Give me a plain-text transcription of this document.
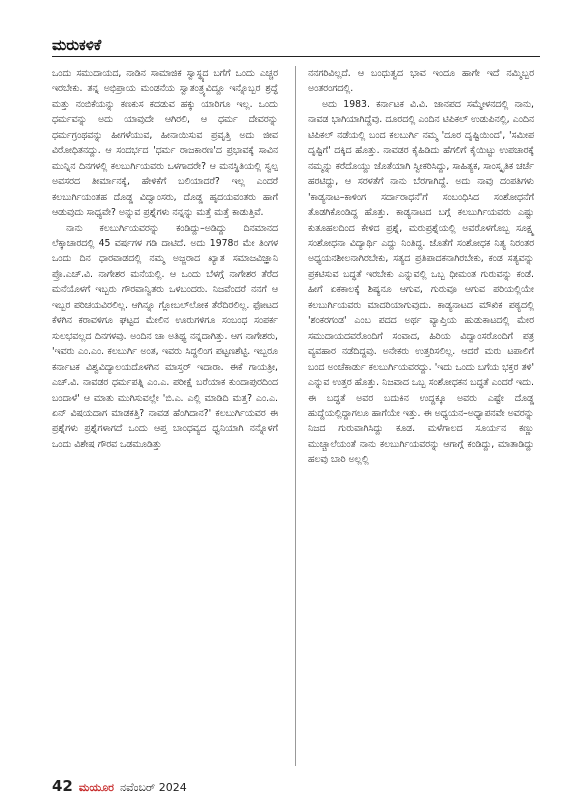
ಮರುಕಳಿಕೆ

ಒಂದು ಸಮುದಾಯದ, ನಾಡಿನ ಸಾಮಾಜಿಕ ಸ್ವಾಸ್ಥ್ಯದ ಬಗೆಗೆ ಒಂದು ಎಚ್ಚರ ಇರಬೇಕು. ತನ್ನ ಅಭಿಪ್ರಾಯ ಮಂಡನೆಯ ಸ್ವಾತಂತ್ರ್ಯವಿದ್ದೂ ಇನ್ನೊಬ್ಬರ ಶ್ರದ್ಧೆ ಮತ್ತು ನಂಬಿಕೆಯನ್ನು ಕಣಕುಸ ಕದಡುವ ಹಕ್ಕು ಯಾರಿಗೂ ಇಲ್ಲ. ಒಂದು ಧರ್ಮವನ್ನು ಅದು ಯಾವುದೇ ಆಗಿರಲಿ, ಆ ಧರ್ಮ ದೇವರನ್ನು ಧರ್ಮಗ್ರಂಥವನ್ನು ಹೀಗಳೆಯುವ, ಹೀನಾಯಿಸುವ ಪ್ರವೃತ್ತಿ ಅದು ಜೀವ ವಿರೋಧಿತನದ್ದು. ಆ ಸಂದರ್ಭದ 'ಧರ್ಮ ರಾಜಕಾರಣ'ದ ಪ್ರಭಾವಕ್ಕೆ ಸಾವಿನ ಮುನ್ನಿನ ದಿನಗಳಲ್ಲಿ ಕಲಬುರ್ಗಿಯವರು ಒಳಗಾದರೇ? ಆ ಮನಸ್ಥಿತಿಯಲ್ಲಿ ಸ್ವಲ್ಪ ಅವಸರದ ತೀರ್ಮಾನಕ್ಕೆ, ಹೇಳಿಕೆಗೆ ಬಲಿಯಾದರೆ? ಇಲ್ಲ ಎಂದರೆ ಕಲಬುರ್ಗಿಯಂತಹ ದೊಡ್ಡ ವಿದ್ವಾಂಸರು, ದೊಡ್ಡ ಹೃದಯವಂತರು ಹಾಗೆ ಆಡುವುದು ಸಾಧ್ಯವೇ? ಅನ್ನುವ ಪ್ರಶ್ನೆಗಳು ನನ್ನನ್ನು ಮತ್ತೆ ಮತ್ತೆ ಕಾಡುತ್ತಿವೆ.

ನಾನು ಕಲಬುರ್ಗಿಯವರನ್ನು ಕಂಡಿದ್ದು–ಅಡಿದ್ದು ದಿನಮಾನದ ಲೆಕ್ಕಾಚಾರದಲ್ಲಿ 45 ವರ್ಷಗಳ ಗಡಿ ದಾಟಿದೆ. ಅದು 1978ರ ಮೇ ತಿಂಗಳ ಒಂದು ದಿನ ಧಾರವಾಡದಲ್ಲಿ ನಮ್ಮ ಅಜ್ಜರಾದ ಖ್ಯಾತ ಸಮಾಜವಿಜ್ಞಾನಿ ಪ್ರೊ.ಎಚ್.ವಿ. ನಾಗೇಶರ ಮನೆಯಲ್ಲಿ. ಆ ಒಂದು ಬೆಳಗ್ಗೆ ನಾಗೇಶರ ತೆರೆದ ಮನೆಯೊಳಗೆ ಇಬ್ಬರು ಗೌರವಾನ್ವಿತರು ಒಳಬಂದರು. ನಿಜವೆಂದರೆ ನನಗೆ ಆ ಇಬ್ಬರ ಪರಿಚಯವಿರಲಿಲ್ಲ. ಆಗಿನ್ನೂ ಗ್ಲೋಬಲ್‌ಲೋಕ ತೆರೆದಿರಲಿಲ್ಲ. ಫೋಟದ ಕೆಳಗಿನ ಕರಾವಳಿಗೂ ಘಟ್ಟದ ಮೇಲಿನ ಊರುಗಳಿಗೂ ಸಂಬಂಧ ಸಂಪರ್ಕ ಸುಲಭವಲ್ಲದ ದಿನಗಳವು. ಅಂದಿನ ಚಾ ಅತಿಥ್ಯ ನನ್ನದಾಗಿತ್ತು. ಆಗ ನಾಗೇಶರು, 'ಇವರು ಎಂ.ಎಂ. ಕಲಬುರ್ಗಿ ಅಂತ, ಇವರು ಸಿದ್ದಲಿಂಗ ಪಟ್ಟಣಶೆಟ್ಟಿ. ಇಬ್ಬರೂ ಕರ್ನಾಟಕ ವಿಶ್ವವಿದ್ಯಾಲಯದೊಳಗಿನ ಮಾಸ್ತರ್ ಇದಾರಾ. ಈಕೆ ಗಾಯತ್ರೀ, ಎಚ್.ವಿ. ನಾವಡರ ಧರ್ಮಪತ್ನಿ ಎಂ.ಎ. ಪರೀಕ್ಷೆ ಬರೆಯಾಕ ಕುಂದಾಪುರದಿಂದ ಬಂದಾಳೆ' ಆ ಮಾತು ಮುಗಿಸುವಲ್ಲೇ 'ಬಿ.ಎ. ಎಲ್ಲಿ ಮಾಡಿದಿ ಮತ್ತ? ಎಂ.ಎ. ಏನ್ ವಿಷಯದಾಗ ಮಾಡಕತ್ತಿ? ನಾವಡ ಹೆಂಗಿದಾನ?' ಕಲಬುರ್ಗಿಯವರ ಈ ಪ್ರಶ್ನೆಗಳು ಪ್ರಶ್ನೆಗಳಾಗದೆ ಒಂದು ಆಪ್ತ ಬಾಂಧವ್ಯದ ಧ್ವನಿಯಾಗಿ ನನ್ನೊಳಗೆ ಒಂದು ವಿಶೇಷ ಗೌರವ ಒಡಮೂಡಿತ್ತು

ನನಗರಿವಿಲ್ಲದೆ. ಆ ಬಂಧುತ್ವದ ಭಾವ ಇಂದೂ ಹಾಗೇ ಇದೆ ನಮ್ಮಿಬ್ಬರ ಅಂತರಂಗದಲ್ಲಿ.

ಅದು 1983. ಕರ್ನಾಟಕ ವಿ.ವಿ. ಜಾನಪದ ಸಮ್ಮೇಳನದಲ್ಲಿ ನಾನು, ನಾವಡ ಭಾಗಿಯಾಗಿದ್ದೆವು. ದೂರದಲ್ಲಿ ಎಂದಿನ ಟಿಪಿಕಲ್ ಉಡುಪಿನಲ್ಲಿ, ಎಂದಿನ ಟಿಪಿಕಲ್ ನಡೆಯಲ್ಲಿ ಬಂದ ಕಲಬುರ್ಗಿ ನಮ್ಮ 'ದೂರ ದೃಷ್ಟಿಯಿಂದ', 'ಸಮೀಪ ದೃಷ್ಟಿಗೆ' ದಕ್ಕಿದ ಹೊತ್ತು. ನಾವಡರ ಕೈಹಿಡಿದು ಹೆಗಲಿಗೆ ಕೈಯಿಟ್ಟು ಉಪಚಾರಕ್ಕೆ ನಮ್ಮನ್ನು ಕರೆದೊಯ್ದು ಜೊತೆಯಾಗಿ ಸ್ವೀಕರಿಸಿದ್ದು, ಸಾಹಿತ್ಯಕ, ಸಾಂಸ್ಕೃತಿಕ ಚರ್ಚೆ ಹರಟಿದ್ದು, ಆ ಸರಳತೆಗೆ ನಾನು ಬೆರಗಾಗಿದ್ದೆ. ಅದು ನಾವು ದಂಪತಿಗಳು 'ಕಾಡ್ಯನಾಟ–ಕಾಳಿಂಗ ಸರ್ದಾರಾಧನೆ'ಗೆ ಸಂಬಂಧಿಸಿದ ಸಂಶೋಧನೆಗೆ ತೊಡಗಿಕೊಂಡಿದ್ದ ಹೊತ್ತು. ಕಾಡ್ಯನಾಟದ ಬಗ್ಗೆ ಕಲಬುರ್ಗಿಯವರು ಎಷ್ಟು ಕುತೂಹಲದಿಂದ ಕೇಳಿದ ಪ್ರಶ್ನೆ, ಮರುಪ್ರಶ್ನೆಯಲ್ಲಿ ಅವರೊಳಗೊಬ್ಬ ಸೂಕ್ಷ್ಮ ಸಂಶೋಧನಾ ವಿದ್ಯಾರ್ಥಿ ಎದ್ದು ನಿಂತಿದ್ದ. ಜೊತೆಗೆ ಸಂಶೋಧಕ ನಿತ್ಯ ನಿರಂತರ ಅಧ್ಯಯನಶೀಲನಾಗಿರಬೇಕು, ಸತ್ಯದ ಪ್ರತಿಪಾದಕನಾಗಿರಬೇಕು, ಕಂಡ ಸತ್ಯವನ್ನು ಪ್ರಕಟಿಸುವ ಬದ್ಧತೆ ಇರಬೇಕು ಎನ್ನುವಲ್ಲಿ ಒಬ್ಬ ಧೀಮಂತ ಗುರುವನ್ನು ಕಂಡೆ. ಹೀಗೆ ಏಕಕಾಲಕ್ಕೆ ಶಿಷ್ಯನೂ ಆಗುವ, ಗುರುವೂ ಆಗುವ ಪರಿಯಲ್ಲಿಯೇ ಕಲಬುರ್ಗಿಯವರು ಮಾದರಿಯಾಗುವುದು. ಕಾಡ್ಯನಾಟದ ಮೌಖಿಕ ಪಠ್ಯದಲ್ಲಿ 'ಶಂಕರಗಂಡ' ಎಂಬ ಪದದ ಅರ್ಥ ವ್ಯಾಪ್ತಿಯ ಹುಡುಕಾಟದಲ್ಲಿ ಮೇರ ಸಮುದಾಯದವರೊಂದಿಗೆ ಸಂವಾದ, ಹಿರಿಯ ವಿದ್ವಾಂಸರೊಂದಿಗೆ ಪತ್ರ ವ್ಯವಹಾರ ನಡೆದಿದ್ದವು. ಅನೇಕರು ಉತ್ತರಿಸಲಿಲ್ಲ. ಆದರೆ ಮರು ಟಪಾಲಿಗೆ ಬಂದ ಅಂಚೆಕಾರ್ಡು ಕಲಬುರ್ಗಿಯವರದ್ದು. 'ಇದು ಒಂದು ಬಗೆಯ ಭಕ್ತರ ತಳಿ' ಎನ್ನುವ ಉತ್ತರ ಹೊತ್ತು. ನಿಜವಾದ ಒಬ್ಬ ಸಂಶೋಧಕನ ಬದ್ಧತೆ ಎಂದರೆ ಇದು. ಈ ಬದ್ಧತೆ ಅವರ ಬದುಕಿನ ಉದ್ದಕ್ಕೂ ಅವರು ಎಷ್ಟೇ ದೊಡ್ಡ ಹುದ್ದೆಯಲ್ಲಿದ್ದಾಗಲೂ ಹಾಗೆಯೇ ಇತ್ತು. ಈ ಅಧ್ಯಯನ–ಅಧ್ಯಾಪನವೇ ಅವರನ್ನು ನಿಜದ ಗುರುವಾಗಿಸಿದ್ದು ಕೂಡ. ಮಳೆಗಾಲದ ಸೂರ್ಯನ ಕಣ್ಣು ಮುಚ್ಚಾಲೆಯಂತೆ ನಾನು ಕಲಬುರ್ಗಿಯವರನ್ನು ಆಗಾಗ್ಗೆ ಕಂಡಿದ್ದು, ಮಾತಾಡಿದ್ದು ಹಲವು ಬಾರಿ ಅಲ್ಲಲ್ಲಿ

42 ಮಯೂರ ನವೆಂಬರ್ 2024
